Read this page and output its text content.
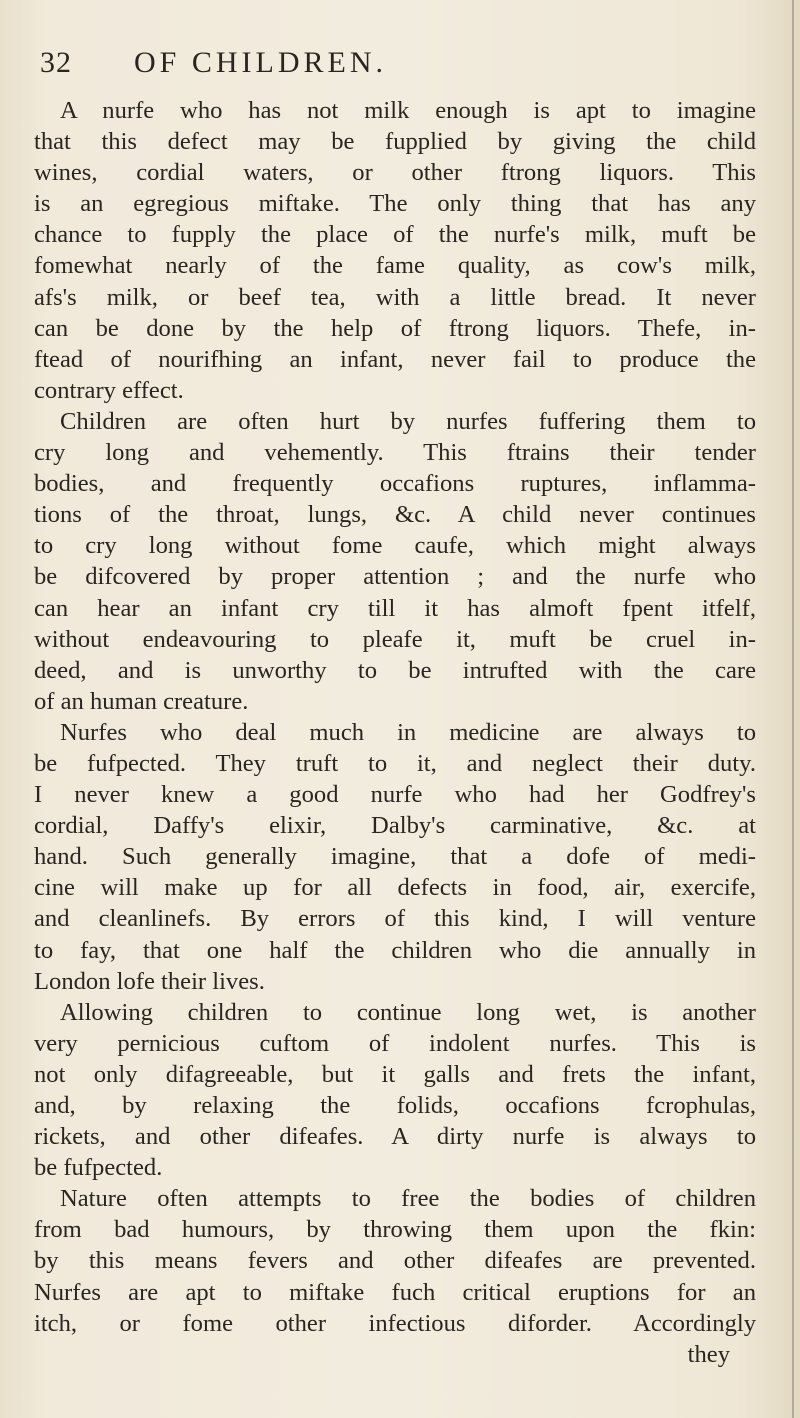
32 OF CHILDREN.
A nurfe who has not milk enough is apt to imagine
that this defect may be fupplied by giving the child
wines, cordial waters, or other ftrong liquors. This
is an egregious miftake. The only thing that has any
chance to fupply the place of the nurfe's milk, muft be
fomewhat nearly of the fame quality, as cow's milk,
afs's milk, or beef tea, with a little bread. It never
can be done by the help of ftrong liquors. Thefe, in-
ftead of nourifhing an infant, never fail to produce the
contrary effect.
Children are often hurt by nurfes fuffering them to
cry long and vehemently. This ftrains their tender
bodies, and frequently occafions ruptures, inflamma-
tions of the throat, lungs, &c. A child never continues
to cry long without fome caufe, which might always
be difcovered by proper attention ; and the nurfe who
can hear an infant cry till it has almoft fpent itfelf,
without endeavouring to pleafe it, muft be cruel in-
deed, and is unworthy to be intrufted with the care
of an human creature.
Nurfes who deal much in medicine are always to
be fufpected. They truft to it, and neglect their duty.
I never knew a good nurfe who had her Godfrey's
cordial, Daffy's elixir, Dalby's carminative, &c. at
hand. Such generally imagine, that a dofe of medi-
cine will make up for all defects in food, air, exercife,
and cleanlinefs. By errors of this kind, I will venture
to fay, that one half the children who die annually in
London lofe their lives.
Allowing children to continue long wet, is another
very pernicious cuftom of indolent nurfes. This is
not only difagreeable, but it galls and frets the infant,
and, by relaxing the folids, occafions fcrophulas,
rickets, and other difeafes. A dirty nurfe is always to
be fufpected.
Nature often attempts to free the bodies of children
from bad humours, by throwing them upon the fkin:
by this means fevers and other difeafes are prevented.
Nurfes are apt to miftake fuch critical eruptions for an
itch, or fome other infectious diforder. Accordingly
they
